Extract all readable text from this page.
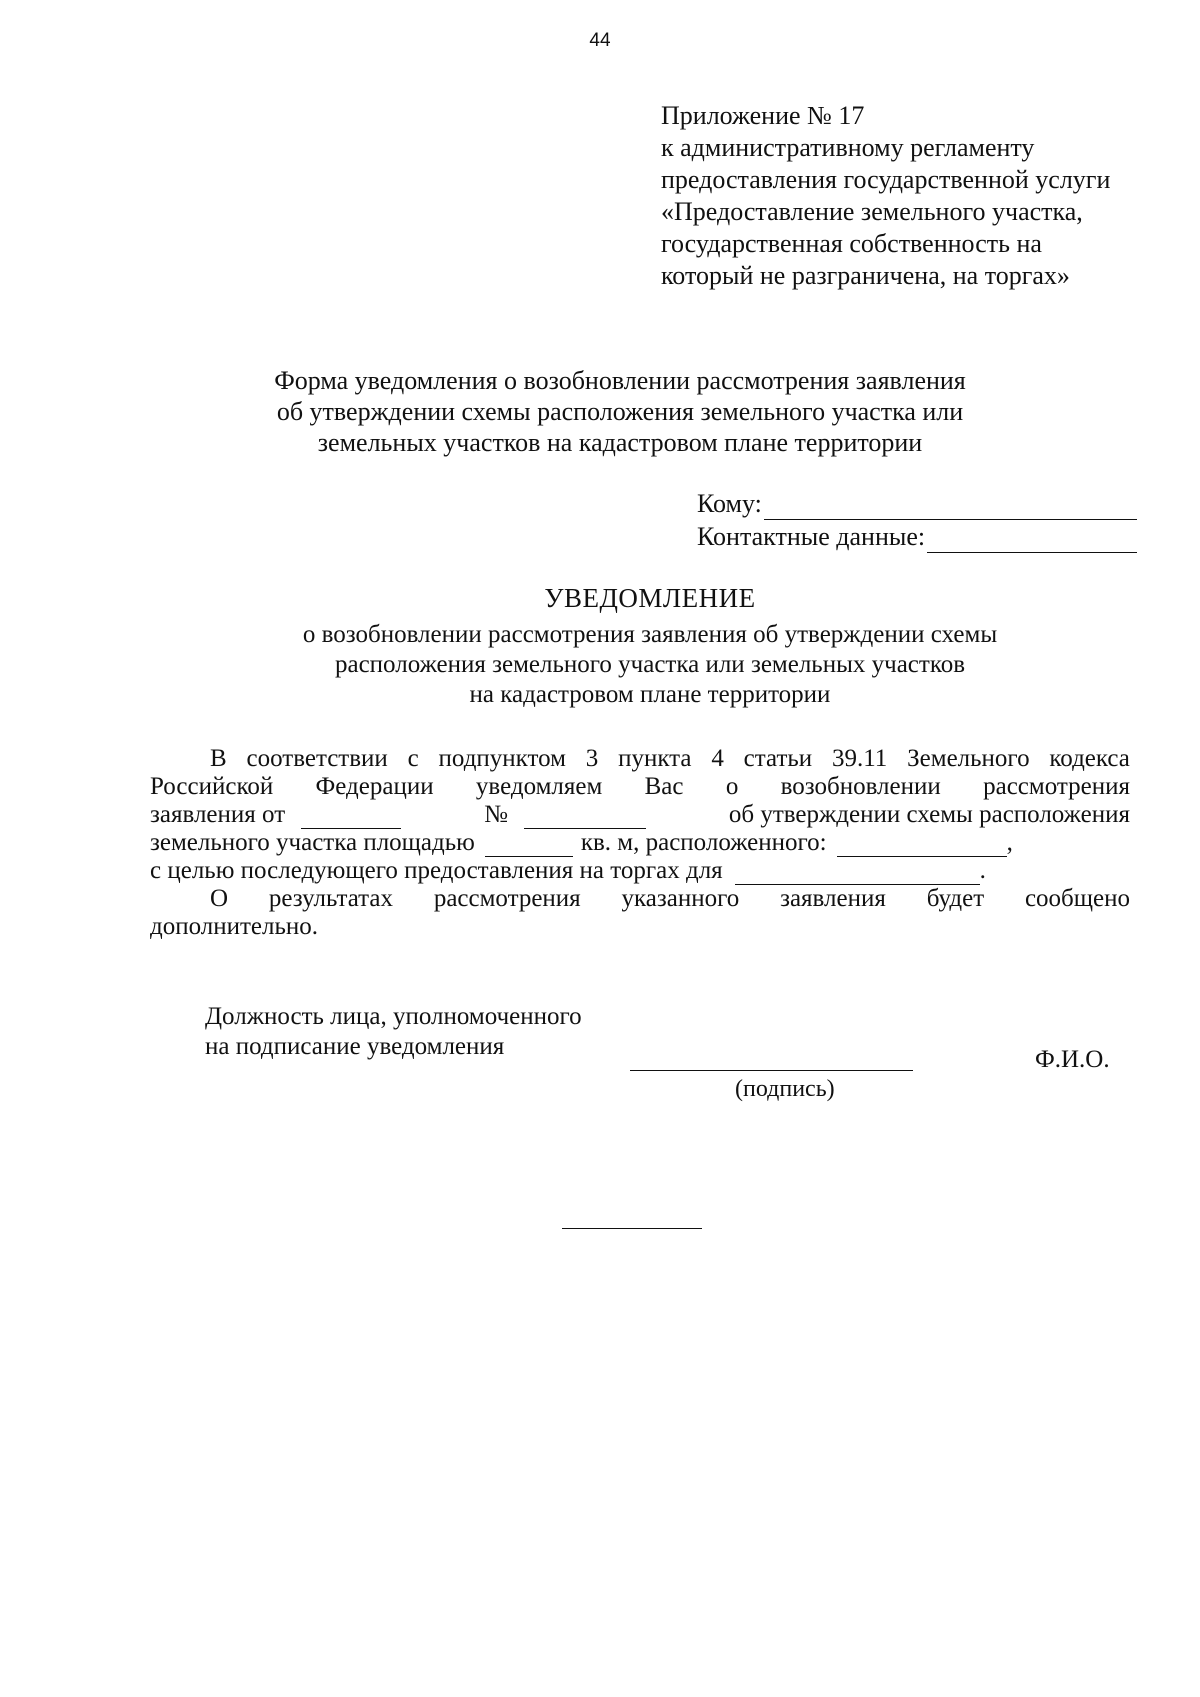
44
Приложение № 17
к административному регламенту
предоставления государственной услуги
«Предоставление земельного участка,
государственная собственность на
который не разграничена, на торгах»
Форма уведомления о возобновлении рассмотрения заявления
об утверждении схемы расположения земельного участка или
земельных участков на кадастровом плане территории
Кому:
Контактные данные:
УВЕДОМЛЕНИЕ
о возобновлении рассмотрения заявления об утверждении схемы
расположения земельного участка или земельных участков
на кадастровом плане территории
В соответствии с подпунктом 3 пункта 4 статьи 39.11 Земельного кодекса
Российской Федерации уведомляем Вас о возобновлении рассмотрения
заявления от	№	об утверждении схемы расположения
земельного участка площадью	кв. м, расположенного:	,
с целью последующего предоставления на торгах для	.
О результатах рассмотрения указанного заявления будет сообщено
дополнительно.
Должность лица, уполномоченного
на подписание уведомления	Ф.И.О.
(подпись)
